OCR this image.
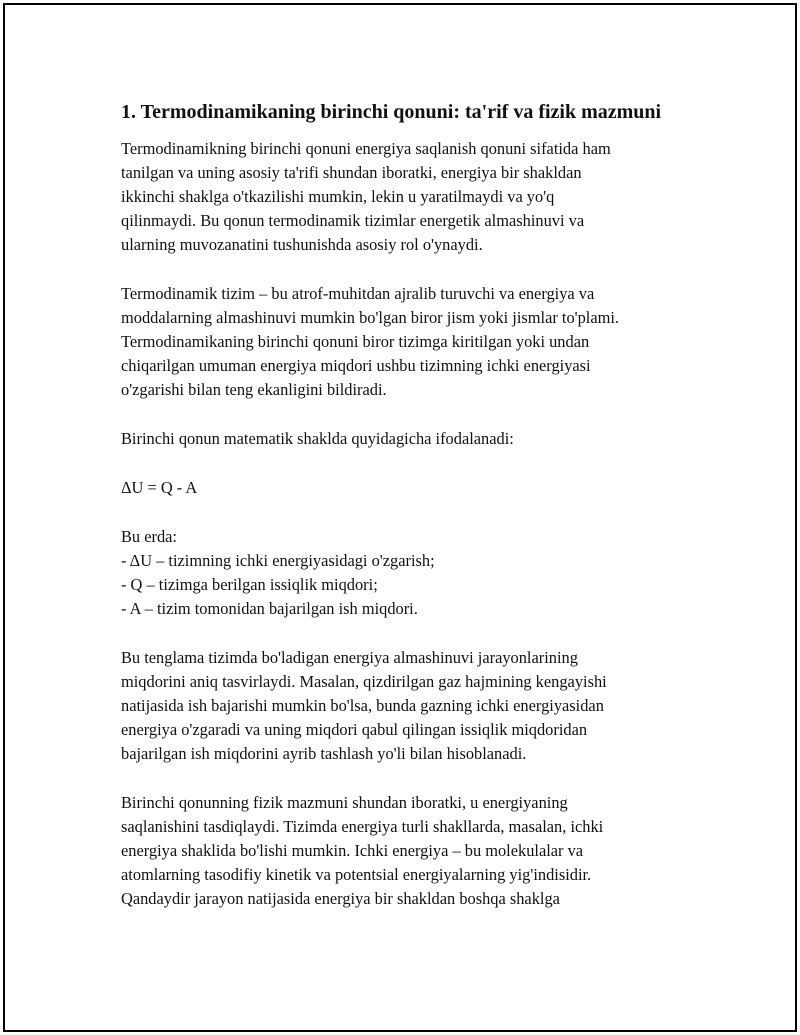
1. Termodinamikaning birinchi qonuni: ta'rif va fizik mazmuni

Termodinamikning birinchi qonuni energiya saqlanish qonuni sifatida ham
tanilgan va uning asosiy ta'rifi shundan iboratki, energiya bir shakldan
ikkinchi shaklga o'tkazilishi mumkin, lekin u yaratilmaydi va yo'q
qilinmaydi. Bu qonun termodinamik tizimlar energetik almashinuvi va
ularning muvozanatini tushunishda asosiy rol o'ynaydi.

Termodinamik tizim – bu atrof-muhitdan ajralib turuvchi va energiya va
moddalarning almashinuvi mumkin bo'lgan biror jism yoki jismlar to'plami.
Termodinamikaning birinchi qonuni biror tizimga kiritilgan yoki undan
chiqarilgan umuman energiya miqdori ushbu tizimning ichki energiyasi
o'zgarishi bilan teng ekanligini bildiradi.

Birinchi qonun matematik shaklda quyidagicha ifodalanadi:

ΔU = Q - A

Bu erda:
- ΔU – tizimning ichki energiyasidagi o'zgarish;
- Q – tizimga berilgan issiqlik miqdori;
- A – tizim tomonidan bajarilgan ish miqdori.

Bu tenglama tizimda bo'ladigan energiya almashinuvi jarayonlarining
miqdorini aniq tasvirlaydi. Masalan, qizdirilgan gaz hajmining kengayishi
natijasida ish bajarishi mumkin bo'lsa, bunda gazning ichki energiyasidan
energiya o'zgaradi va uning miqdori qabul qilingan issiqlik miqdoridan
bajarilgan ish miqdorini ayrib tashlash yo'li bilan hisoblanadi.

Birinchi qonunning fizik mazmuni shundan iboratki, u energiyaning
saqlanishini tasdiqlaydi. Tizimda energiya turli shakllarda, masalan, ichki
energiya shaklida bo'lishi mumkin. Ichki energiya – bu molekulalar va
atomlarning tasodifiy kinetik va potentsial energiyalarning yig'indisidir.
Qandaydir jarayon natijasida energiya bir shakldan boshqa shaklga
